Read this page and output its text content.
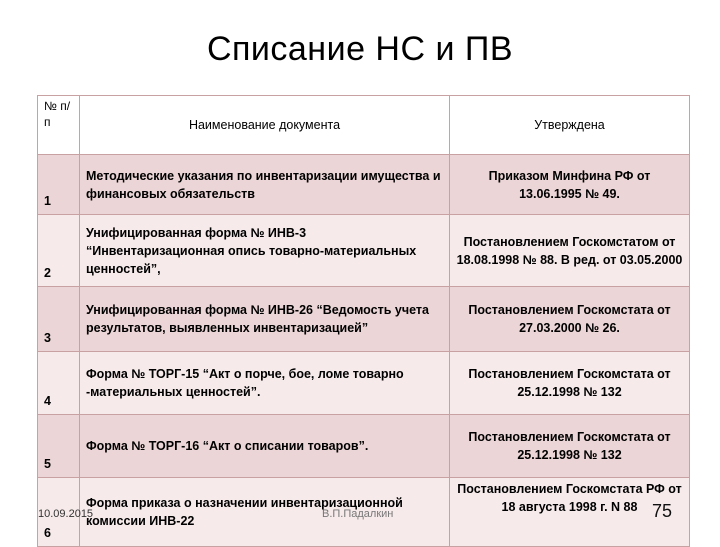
Списание НС и ПВ
№ п/п	Наименование документа	Утверждена
1	Методические указания по инвентаризации имущества и финансовых обязательств	Приказом Минфина РФ от 13.06.1995 № 49.
2	Унифицированная форма № ИНВ-3 “Инвентаризационная опись товарно-материальных ценностей”,	Постановлением Госкомстатом от 18.08.1998 № 88. В ред. от 03.05.2000
3	Унифицированная форма № ИНВ-26 “Ведомость учета результатов, выявленных инвентаризацией”	Постановлением Госкомстата от 27.03.2000 № 26.
4	Форма № ТОРГ-15 “Акт о порче, бое, ломе товарно -материальных ценностей”.	Постановлением Госкомстата от 25.12.1998 № 132
5	Форма № ТОРГ-16 “Акт о списании товаров”.	Постановлением Госкомстата от 25.12.1998 № 132
6	Форма приказа о назначении инвентаризационной комиссии ИНВ-22	Постановлением Госкомстата РФ от 18 августа 1998 г. N 88
10.09.2015	В.П.Падалкин	75
